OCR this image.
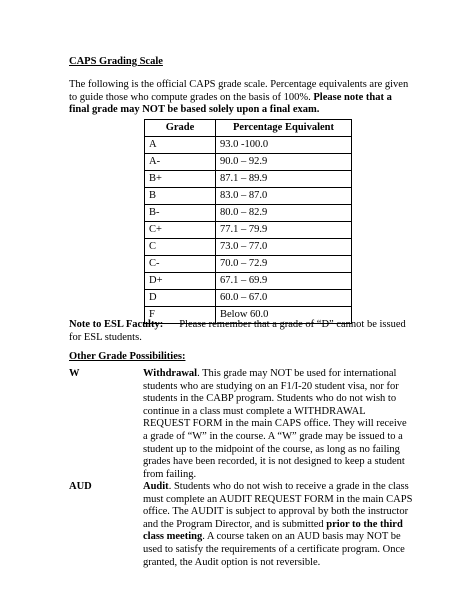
CAPS Grading Scale
The following is the official CAPS grade scale. Percentage equivalents are given to guide those who compute grades on the basis of 100%. Please note that a final grade may NOT be based solely upon a final exam.
Grade	Percentage Equivalent
A	93.0 -100.0
A-	90.0 – 92.9
B+	87.1 – 89.9
B	83.0 – 87.0
B-	80.0 – 82.9
C+	77.1 – 79.9
C	73.0 – 77.0
C-	70.0 – 72.9
D+	67.1 – 69.9
D	60.0 – 67.0
F	Below 60.0
Note to ESL Faculty: Please remember that a grade of “D” cannot be issued for ESL students.
Other Grade Possibilities:
W	Withdrawal. This grade may NOT be used for international students who are studying on an F1/I-20 student visa, nor for students in the CABP program. Students who do not wish to continue in a class must complete a WITHDRAWAL REQUEST FORM in the main CAPS office. They will receive a grade of “W” in the course. A “W” grade may be issued to a student up to the midpoint of the course, as long as no failing grades have been recorded, it is not designed to keep a student from failing.
AUD	Audit. Students who do not wish to receive a grade in the class must complete an AUDIT REQUEST FORM in the main CAPS office. The AUDIT is subject to approval by both the instructor and the Program Director, and is submitted prior to the third class meeting. A course taken on an AUD basis may NOT be used to satisfy the requirements of a certificate program. Once granted, the Audit option is not reversible.
